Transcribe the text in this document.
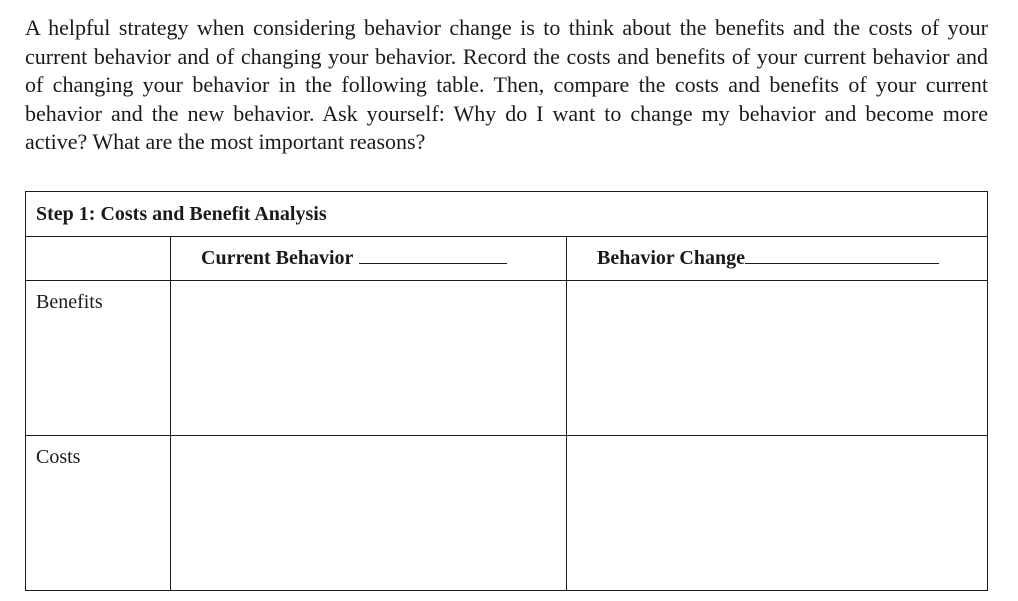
A helpful strategy when considering behavior change is to think about the benefits and the costs of your current behavior and of changing your behavior. Record the costs and benefits of your current behavior and of changing your behavior in the following table. Then, compare the costs and benefits of your current behavior and the new behavior. Ask yourself: Why do I want to change my behavior and become more active? What are the most important reasons?

Step 1: Costs and Benefit Analysis		
	Current Behavior	Behavior Change
Benefits		
Costs		
